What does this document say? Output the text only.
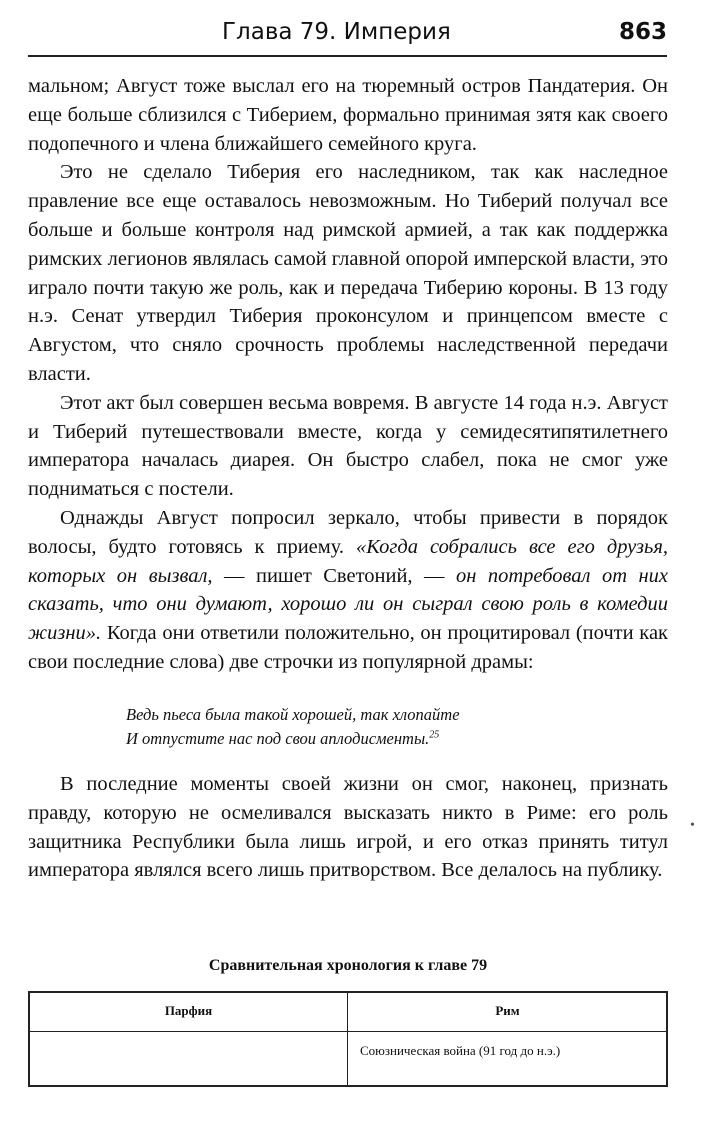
Глава 79. Империя	863

мальном; Август тоже выслал его на тюремный остров Пандатерия. Он еще больше сблизился с Тиберием, формально принимая зятя как своего подопечного и члена ближайшего семейного круга.

Это не сделало Тиберия его наследником, так как наследное правление все еще оставалось невозможным. Но Тиберий получал все больше и больше контроля над римской армией, а так как поддержка римских легионов являлась самой главной опорой имперской власти, это играло почти такую же роль, как и передача Тиберию короны. В 13 году н.э. Сенат утвердил Тиберия проконсулом и принцепсом вместе с Августом, что сняло срочность проблемы наследственной передачи власти.

Этот акт был совершен весьма вовремя. В августе 14 года н.э. Август и Тиберий путешествовали вместе, когда у семидесятипятилетнего императора началась диарея. Он быстро слабел, пока не смог уже подниматься с постели.

Однажды Август попросил зеркало, чтобы привести в порядок волосы, будто готовясь к приему. «Когда собрались все его друзья, которых он вызвал, — пишет Светоний, — он потребовал от них сказать, что они думают, хорошо ли он сыграл свою роль в комедии жизни». Когда они ответили положительно, он процитировал (почти как свои последние слова) две строчки из популярной драмы:

Ведь пьеса была такой хорошей, так хлопайте
И отпустите нас под свои аплодисменты.$^{25}$

В последние моменты своей жизни он смог, наконец, признать правду, которую не осмеливался высказать никто в Риме: его роль защитника Республики была лишь игрой, и его отказ принять титул императора являлся всего лишь притворством. Все делалось на публику.

Сравнительная хронология к главе 79
Парфия	Рим
Союзническая война (91 год до н.э.)
•
